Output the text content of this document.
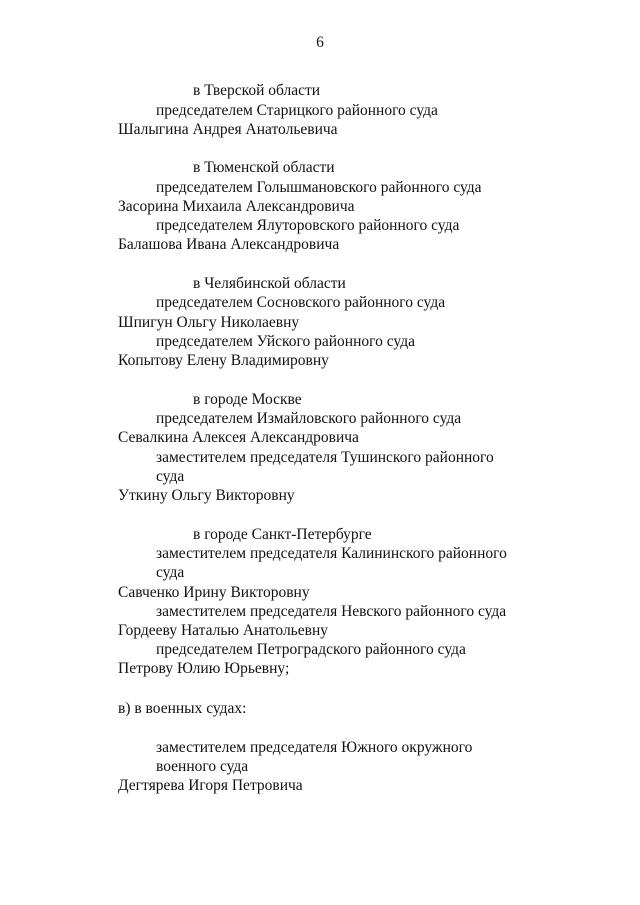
6
в Тверской области
председателем Старицкого районного суда
Шалыгина Андрея Анатольевича
в Тюменской области
председателем Голышмановского районного суда
Засорина Михаила Александровича
председателем Ялуторовского районного суда
Балашова Ивана Александровича
в Челябинской области
председателем Сосновского районного суда
Шпигун Ольгу Николаевну
председателем Уйского районного суда
Копытову Елену Владимировну
в городе Москве
председателем Измайловского районного суда
Севалкина Алексея Александровича
заместителем председателя Тушинского районного
суда
Уткину Ольгу Викторовну
в городе Санкт-Петербурге
заместителем председателя Калининского районного
суда
Савченко Ирину Викторовну
заместителем председателя Невского районного суда
Гордееву Наталью Анатольевну
председателем Петроградского районного суда
Петрову Юлию Юрьевну;
в) в военных судах:
заместителем председателя Южного окружного
военного суда
Дегтярева Игоря Петровича
